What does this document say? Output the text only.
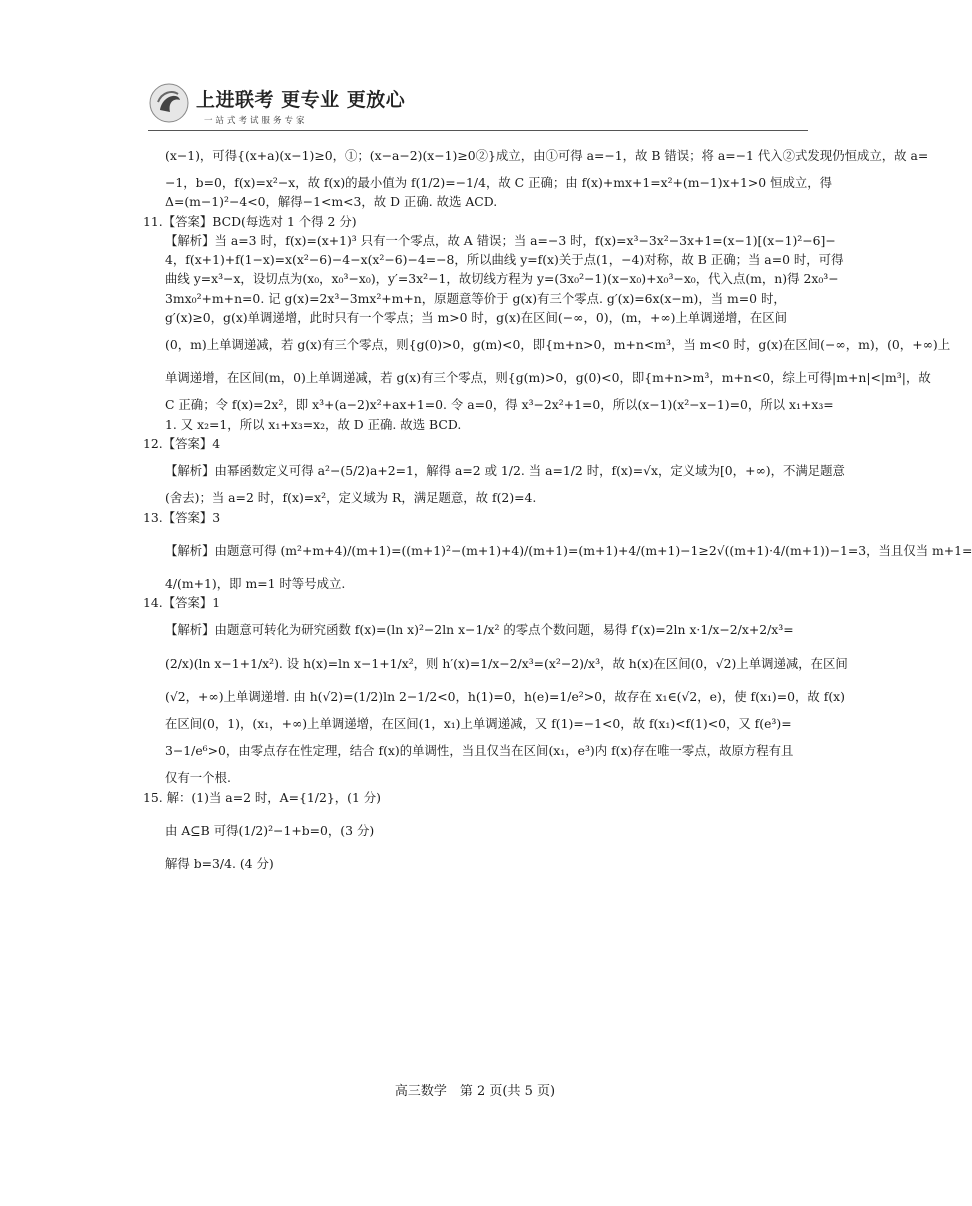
上进联考 更专业 更放心
一站式考试服务专家
(x−1)，可得{(x+a)(x−1)≥0，①；(x−a−2)(x−1)≥0②}成立，由①可得 a=−1，故 B 错误；将 a=−1 代入②式发现仍恒成立，故 a=
−1，b=0，f(x)=x²−x，故 f(x)的最小值为 f(1/2)=−1/4，故 C 正确；由 f(x)+mx+1=x²+(m−1)x+1>0 恒成立，得
Δ=(m−1)²−4<0，解得−1<m<3，故 D 正确. 故选 ACD.
11.【答案】BCD(每选对 1 个得 2 分)
【解析】当 a=3 时，f(x)=(x+1)³ 只有一个零点，故 A 错误；当 a=−3 时，f(x)=x³−3x²−3x+1=(x−1)[(x−1)²−6]−
4，f(x+1)+f(1−x)=x(x²−6)−4−x(x²−6)−4=−8，所以曲线 y=f(x)关于点(1，−4)对称，故 B 正确；当 a=0 时，可得
曲线 y=x³−x，设切点为(x₀，x₀³−x₀)，y′=3x²−1，故切线方程为 y=(3x₀²−1)(x−x₀)+x₀³−x₀，代入点(m，n)得 2x₀³−
3mx₀²+m+n=0. 记 g(x)=2x³−3mx²+m+n，原题意等价于 g(x)有三个零点. g′(x)=6x(x−m)，当 m=0 时，
g′(x)≥0，g(x)单调递增，此时只有一个零点；当 m>0 时，g(x)在区间(−∞，0)，(m，+∞)上单调递增，在区间
(0，m)上单调递减，若 g(x)有三个零点，则{g(0)>0，g(m)<0，即{m+n>0，m+n<m³，当 m<0 时，g(x)在区间(−∞，m)，(0，+∞)上
单调递增，在区间(m，0)上单调递减，若 g(x)有三个零点，则{g(m)>0，g(0)<0，即{m+n>m³，m+n<0，综上可得|m+n|<|m³|，故
C 正确；令 f(x)=2x²，即 x³+(a−2)x²+ax+1=0. 令 a=0，得 x³−2x²+1=0，所以(x−1)(x²−x−1)=0，所以 x₁+x₃=
1. 又 x₂=1，所以 x₁+x₃=x₂，故 D 正确. 故选 BCD.
12.【答案】4
【解析】由幂函数定义可得 a²−(5/2)a+2=1，解得 a=2 或 1/2. 当 a=1/2 时，f(x)=√x，定义域为[0，+∞)，不满足题意
(舍去)；当 a=2 时，f(x)=x²，定义域为 R，满足题意，故 f(2)=4.
13.【答案】3
【解析】由题意可得 (m²+m+4)/(m+1)=((m+1)²−(m+1)+4)/(m+1)=(m+1)+4/(m+1)−1≥2√((m+1)·4/(m+1))−1=3，当且仅当 m+1=
4/(m+1)，即 m=1 时等号成立.
14.【答案】1
【解析】由题意可转化为研究函数 f(x)=(ln x)²−2ln x−1/x² 的零点个数问题，易得 f′(x)=2ln x·1/x−2/x+2/x³=
(2/x)(ln x−1+1/x²). 设 h(x)=ln x−1+1/x²，则 h′(x)=1/x−2/x³=(x²−2)/x³，故 h(x)在区间(0，√2)上单调递减，在区间
(√2，+∞)上单调递增. 由 h(√2)=(1/2)ln 2−1/2<0，h(1)=0，h(e)=1/e²>0，故存在 x₁∈(√2，e)，使 f(x₁)=0，故 f(x)
在区间(0，1)，(x₁，+∞)上单调递增，在区间(1，x₁)上单调递减，又 f(1)=−1<0，故 f(x₁)<f(1)<0，又 f(e³)=
3−1/e⁶>0，由零点存在性定理，结合 f(x)的单调性，当且仅当在区间(x₁，e³)内 f(x)存在唯一零点，故原方程有且
仅有一个根.
15. 解：(1)当 a=2 时，A={1/2}，(1 分)
由 A⊆B 可得(1/2)²−1+b=0，(3 分)
解得 b=3/4. (4 分)
高三数学　第 2 页(共 5 页)
